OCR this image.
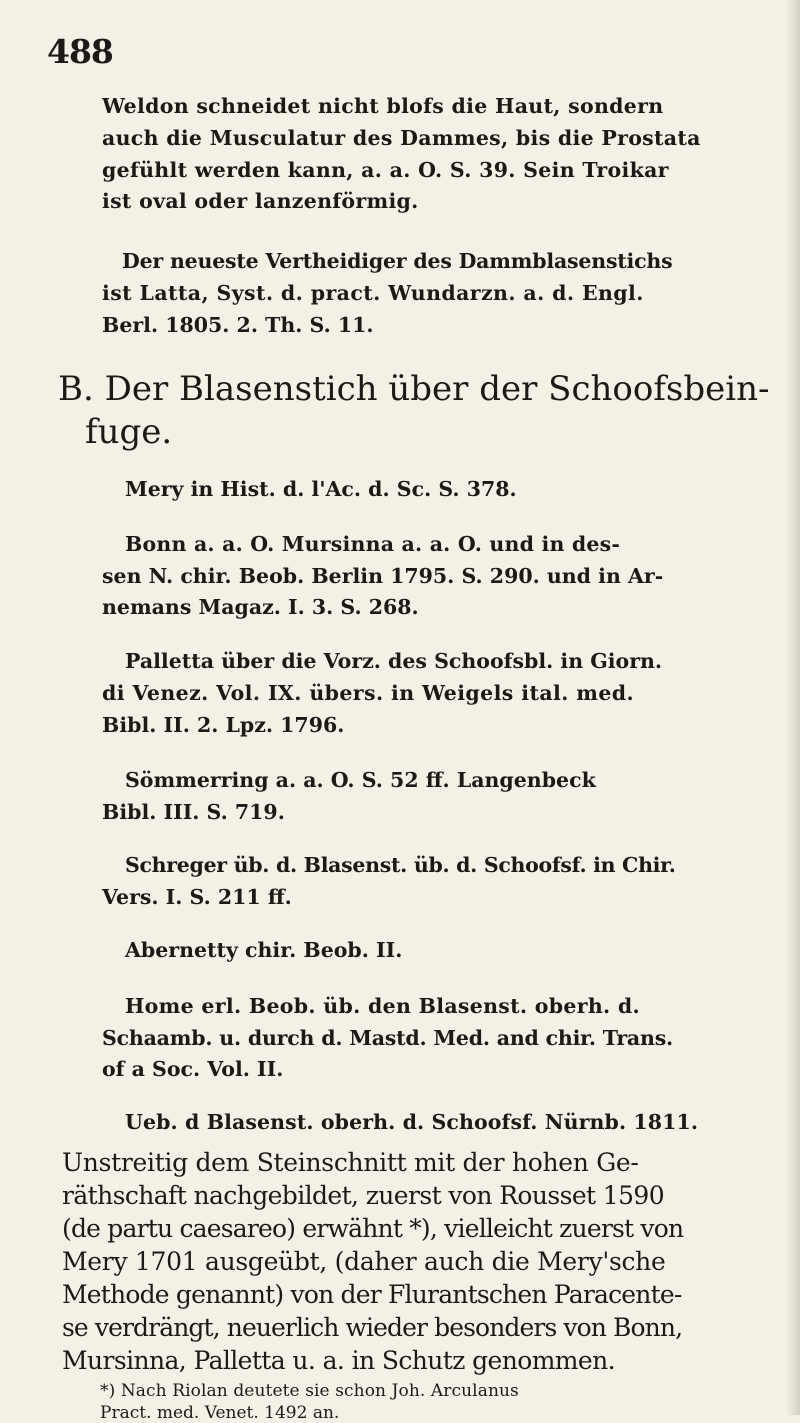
488
Weldon schneidet nicht blofs die Haut, sondern
auch die Musculatur des Dammes, bis die Prostata
gefühlt werden kann, a. a. O. S. 39. Sein Troikar
ist oval oder lanzenförmig.
Der neueste Vertheidiger des Dammblasenstichs
ist Latta, Syst. d. pract. Wundarzn. a. d. Engl.
Berl. 1805. 2. Th. S. 11.
B. Der Blasenstich über der Schoofsbein-
fuge.
Mery in Hist. d. l'Ac. d. Sc. S. 378.
Bonn a. a. O. Mursinna a. a. O. und in des-
sen N. chir. Beob. Berlin 1795. S. 290. und in Ar-
nemans Magaz. I. 3. S. 268.
Palletta über die Vorz. des Schoofsbl. in Giorn.
di Venez. Vol. IX. übers. in Weigels ital. med.
Bibl. II. 2. Lpz. 1796.
Sömmerring a. a. O. S. 52 ff. Langenbeck
Bibl. III. S. 719.
Schreger üb. d. Blasenst. üb. d. Schoofsf. in Chir.
Vers. I. S. 211 ff.
Abernetty chir. Beob. II.
Home erl. Beob. üb. den Blasenst. oberh. d.
Schaamb. u. durch d. Mastd. Med. and chir. Trans.
of a Soc. Vol. II.
Ueb. d Blasenst. oberh. d. Schoofsf. Nürnb. 1811.
Unstreitig dem Steinschnitt mit der hohen Ge-
räthschaft nachgebildet, zuerst von Rousset 1590
(de partu caesareo) erwähnt *), vielleicht zuerst von
Mery 1701 ausgeübt, (daher auch die Mery'sche
Methode genannt) von der Flurantschen Paracente-
se verdrängt, neuerlich wieder besonders von Bonn,
Mursinna, Palletta u. a. in Schutz genommen.
*) Nach Riolan deutete sie schon Joh. Arculanus
Pract. med. Venet. 1492 an.
